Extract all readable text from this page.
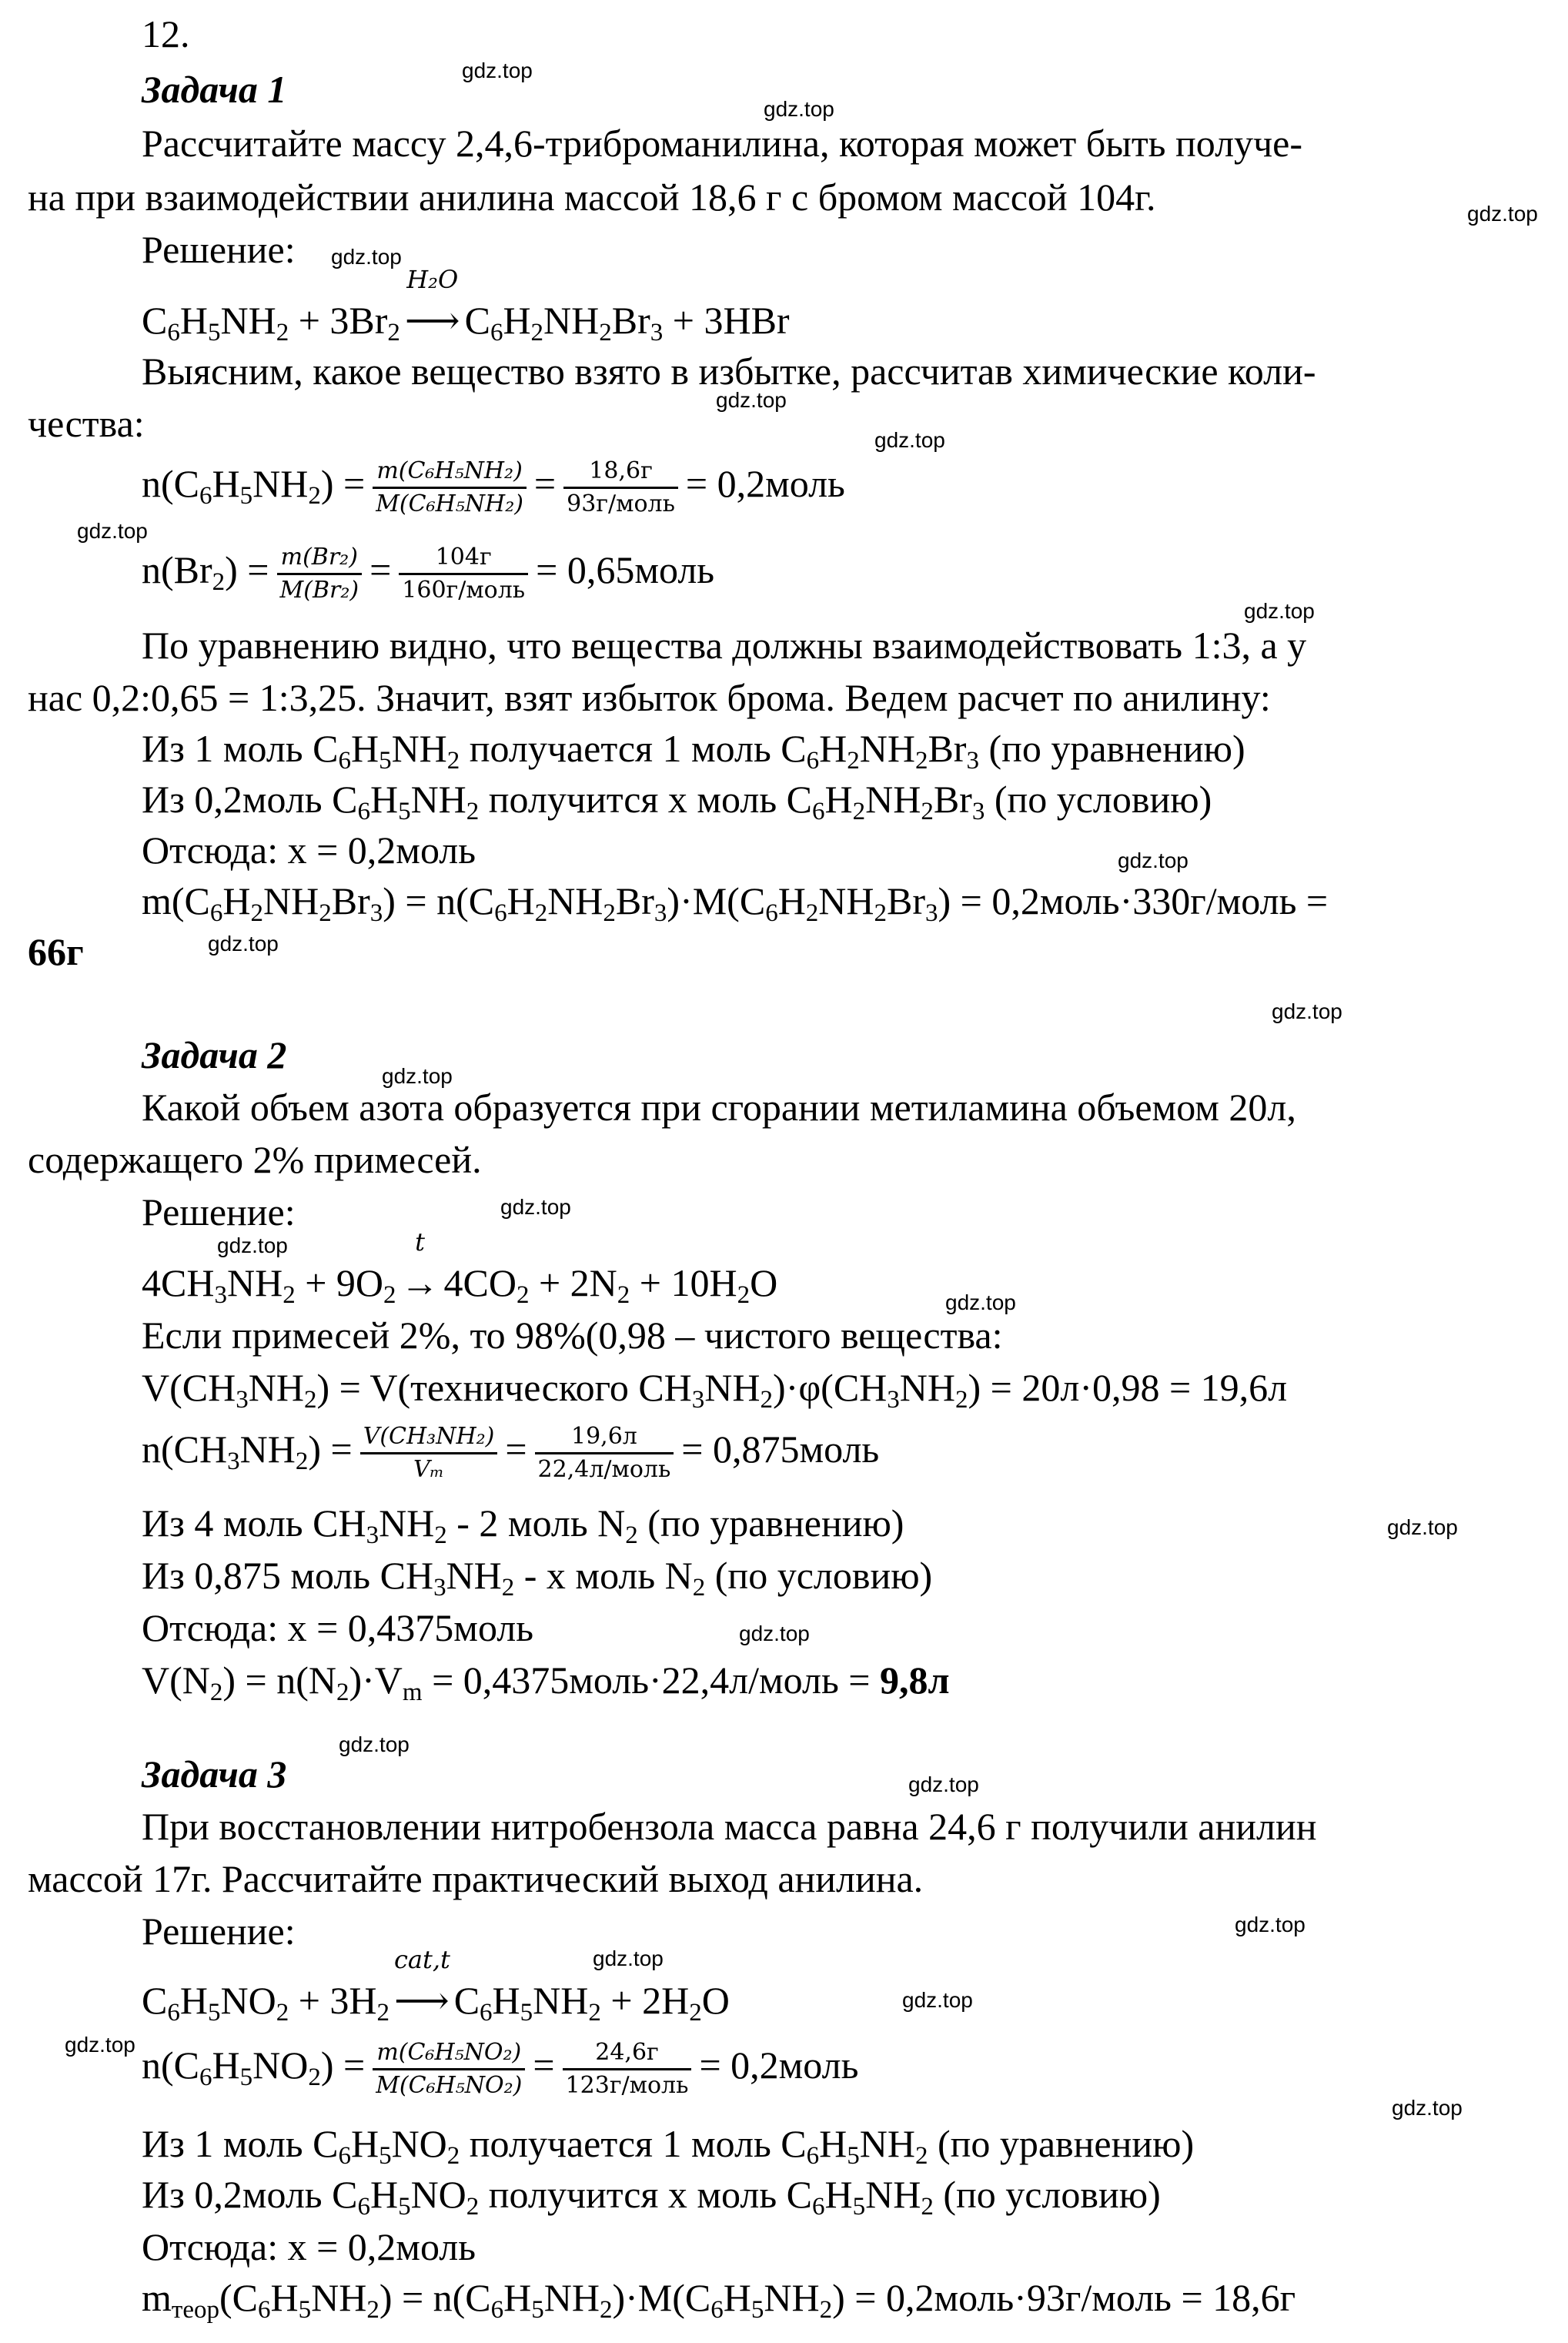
gdz.top
gdz.top
gdz.top
gdz.top
gdz.top
gdz.top
gdz.top
gdz.top
gdz.top
gdz.top
gdz.top
gdz.top
gdz.top
gdz.top
gdz.top
gdz.top
gdz.top
gdz.top
gdz.top
gdz.top
gdz.top
gdz.top
gdz.top
gdz.top
12.
Задача 1
Рассчитайте массу 2,4,6-триброманилина, которая может быть получе-
на при взаимодействии анилина массой 18,6 г с бромом массой 104г.
Решение:
$C_6H_5NH_2 + 3Br_2$
H₂O
⟶ $C_6H_2NH_2Br_3 + 3HBr$
Выясним, какое вещество взято в избытке, рассчитав химические коли-
чества:
$n(C_6H_5NH_2) = \frac{\text{m(C₆H₅NH₂)}}{\text{M(C₆H₅NH₂)}} = \frac{18,6г}{\text{93г/моль}}$ = 0,2моль
$n(Br_2) = \frac{\text{m(Br₂)}}{\text{M(Br₂)}} = \frac{104г}{\text{160г/моль}}$ = 0,65моль
По уравнению видно, что вещества должны взаимодействовать 1:3, а у
нас 0,2:0,65 = 1:3,25. Значит, взят избыток брома. Ведем расчет по анилину:
Из 1 моль $C_6H_5NH_2$ получается 1 моль $C_6H_2NH_2Br_3$ (по уравнению)
Из 0,2моль $C_6H_5NH_2$ получится x моль $C_6H_2NH_2Br_3$ (по условию)
Отсюда: x = 0,2моль
$m(C_6H_2NH_2Br_3) = n(C_6H_2NH_2Br_3)\cdot M(C_6H_2NH_2Br_3)$ = 0,2моль·330г/моль =
66г
Задача 2
Какой объем азота образуется при сгорании метиламина объемом 20л,
содержащего 2% примесей.
Решение:
$4CH_3NH_2 + 9O_2$
t
→ $4CO_2 + 2N_2 + 10H_2O$
Если примесей 2%, то 98%(0,98 – чистого вещества:
$V(CH_3NH_2)$ = V(технического $CH_3NH_2)\cdot\varphi(CH_3NH_2) = 20л\cdot 0,98 = 19,6л$
$n(CH_3NH_2) = \frac{\text{V(CH₃NH₂)}}{\text{Vₘ}} = \frac{19,6л}{\text{22,4л/моль}}$ = 0,875моль
Из 4 моль $CH_3NH_2 - 2$ моль $N_2$ (по уравнению)
Из 0,875 моль $CH_3NH_2$ - x моль $N_2$ (по условию)
Отсюда: x = 0,4375моль
$V(N_2) = n(N_2)\cdot V_m$ = 0,4375моль·22,4л/моль = 9,8л
Задача 3
При восстановлении нитробензола масса равна 24,6 г получили анилин
массой 17г. Рассчитайте практический выход анилина.
Решение:
$C_6H_5NO_2 + 3H_2$
cat,t
⟶ $C_6H_5NH_2 + 2H_2O$
$n(C_6H_5NO_2) = \frac{\text{m(C₆H₅NO₂)}}{\text{M(C₆H₅NO₂)}} = \frac{24,6г}{\text{123г/моль}}$ = 0,2моль
Из 1 моль $C_6H_5NO_2$ получается 1 моль $C_6H_5NH_2$ (по уравнению)
Из 0,2моль $C_6H_5NO_2$ получится x моль $C_6H_5NH_2$ (по условию)
Отсюда: x = 0,2моль
$m_{теор}(C_6H_5NH_2) = n(C_6H_5NH_2)\cdot M(C_6H_5NH_2)$ = 0,2моль·93г/моль = 18,6г
